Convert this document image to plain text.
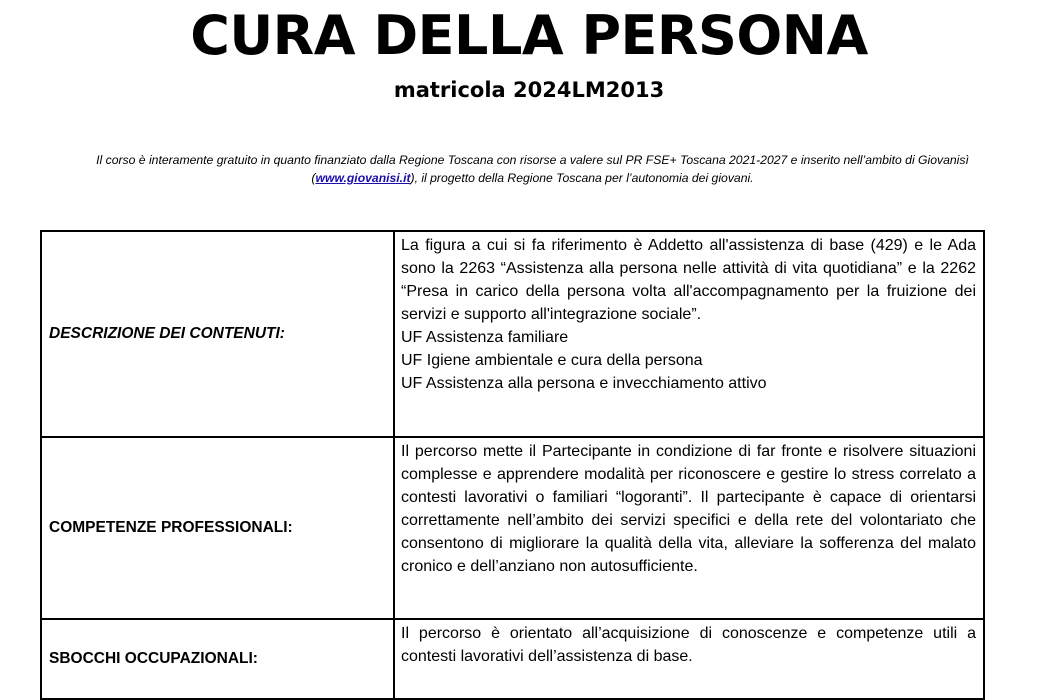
CURA DELLA PERSONA
matricola 2024LM2013
Il corso è interamente gratuito in quanto finanziato dalla Regione Toscana con risorse a valere sul PR FSE+ Toscana 2021-2027 e inserito nell’ambito di Giovanisì (www.giovanisi.it), il progetto della Regione Toscana per l’autonomia dei giovani.
DESCRIZIONE DEI CONTENUTI:	La figura a cui si fa riferimento è Addetto all'assistenza di base (429) e le Ada sono la 2263 “Assistenza alla persona nelle attività di vita quotidiana” e la 2262 “Presa in carico della persona volta all'accompagnamento per la fruizione dei servizi e supporto all'integrazione sociale”.
UF Assistenza familiare
UF Igiene ambientale e cura della persona
UF Assistenza alla persona e invecchiamento attivo

COMPETENZE PROFESSIONALI:	Il percorso mette il Partecipante in condizione di far fronte e risolvere situazioni complesse e apprendere modalità per riconoscere e gestire lo stress correlato a contesti lavorativi o familiari “logoranti”. Il partecipante è capace di orientarsi correttamente nell’ambito dei servizi specifici e della rete del volontariato che consentono di migliorare la qualità della vita, alleviare la sofferenza del malato cronico e dell’anziano non autosufficiente.

SBOCCHI OCCUPAZIONALI:	Il percorso è orientato all’acquisizione di conoscenze e competenze utili a contesti lavorativi dell’assistenza di base.
